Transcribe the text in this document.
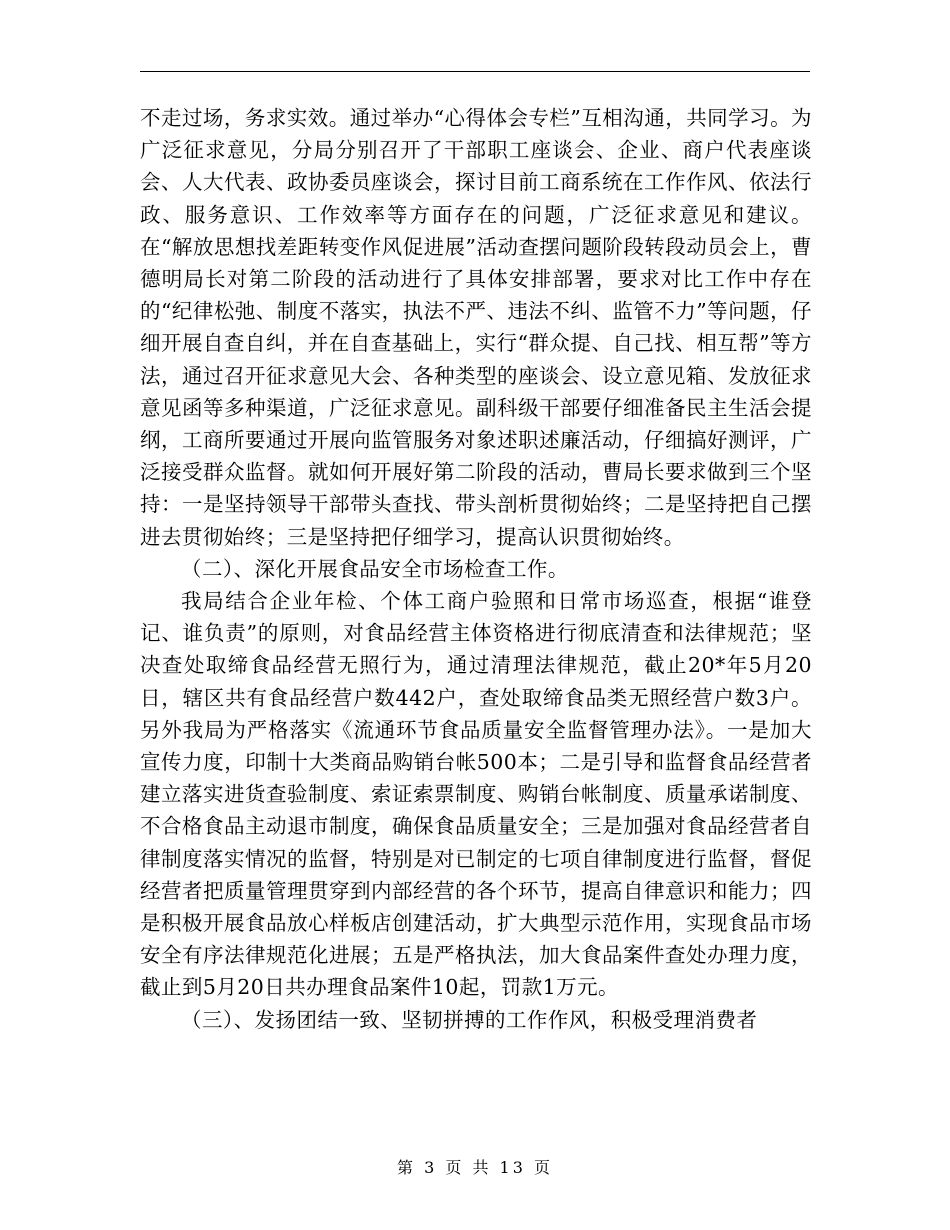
不走过场，务求实效。通过举办“心得体会专栏”互相沟通，共同学习。为广泛征求意见，分局分别召开了干部职工座谈会、企业、商户代表座谈会、人大代表、政协委员座谈会，探讨目前工商系统在工作作风、依法行政、服务意识、工作效率等方面存在的问题，广泛征求意见和建议。在“解放思想找差距转变作风促进展”活动查摆问题阶段转段动员会上，曹德明局长对第二阶段的活动进行了具体安排部署，要求对比工作中存在的“纪律松弛、制度不落实，执法不严、违法不纠、监管不力”等问题，仔细开展自查自纠，并在自查基础上，实行“群众提、自己找、相互帮”等方法，通过召开征求意见大会、各种类型的座谈会、设立意见箱、发放征求意见函等多种渠道，广泛征求意见。副科级干部要仔细准备民主生活会提纲，工商所要通过开展向监管服务对象述职述廉活动，仔细搞好测评，广泛接受群众监督。就如何开展好第二阶段的活动，曹局长要求做到三个坚持：一是坚持领导干部带头查找、带头剖析贯彻始终；二是坚持把自己摆进去贯彻始终；三是坚持把仔细学习，提高认识贯彻始终。

（二）、深化开展食品安全市场检查工作。

我局结合企业年检、个体工商户验照和日常市场巡查，根据“谁登记、谁负责”的原则，对食品经营主体资格进行彻底清查和法律规范；坚决查处取缔食品经营无照行为，通过清理法律规范，截止20*年5月20日，辖区共有食品经营户数442户，查处取缔食品类无照经营户数3户。另外我局为严格落实《流通环节食品质量安全监督管理办法》。一是加大宣传力度，印制十大类商品购销台帐500本；二是引导和监督食品经营者建立落实进货查验制度、索证索票制度、购销台帐制度、质量承诺制度、不合格食品主动退市制度，确保食品质量安全；三是加强对食品经营者自律制度落实情况的监督，特别是对已制定的七项自律制度进行监督，督促经营者把质量管理贯穿到内部经营的各个环节，提高自律意识和能力；四是积极开展食品放心样板店创建活动，扩大典型示范作用，实现食品市场安全有序法律规范化进展；五是严格执法，加大食品案件查处办理力度，截止到5月20日共办理食品案件10起，罚款1万元。

（三）、发扬团结一致、坚韧拼搏的工作作风，积极受理消费者

第 3 页 共 13 页
